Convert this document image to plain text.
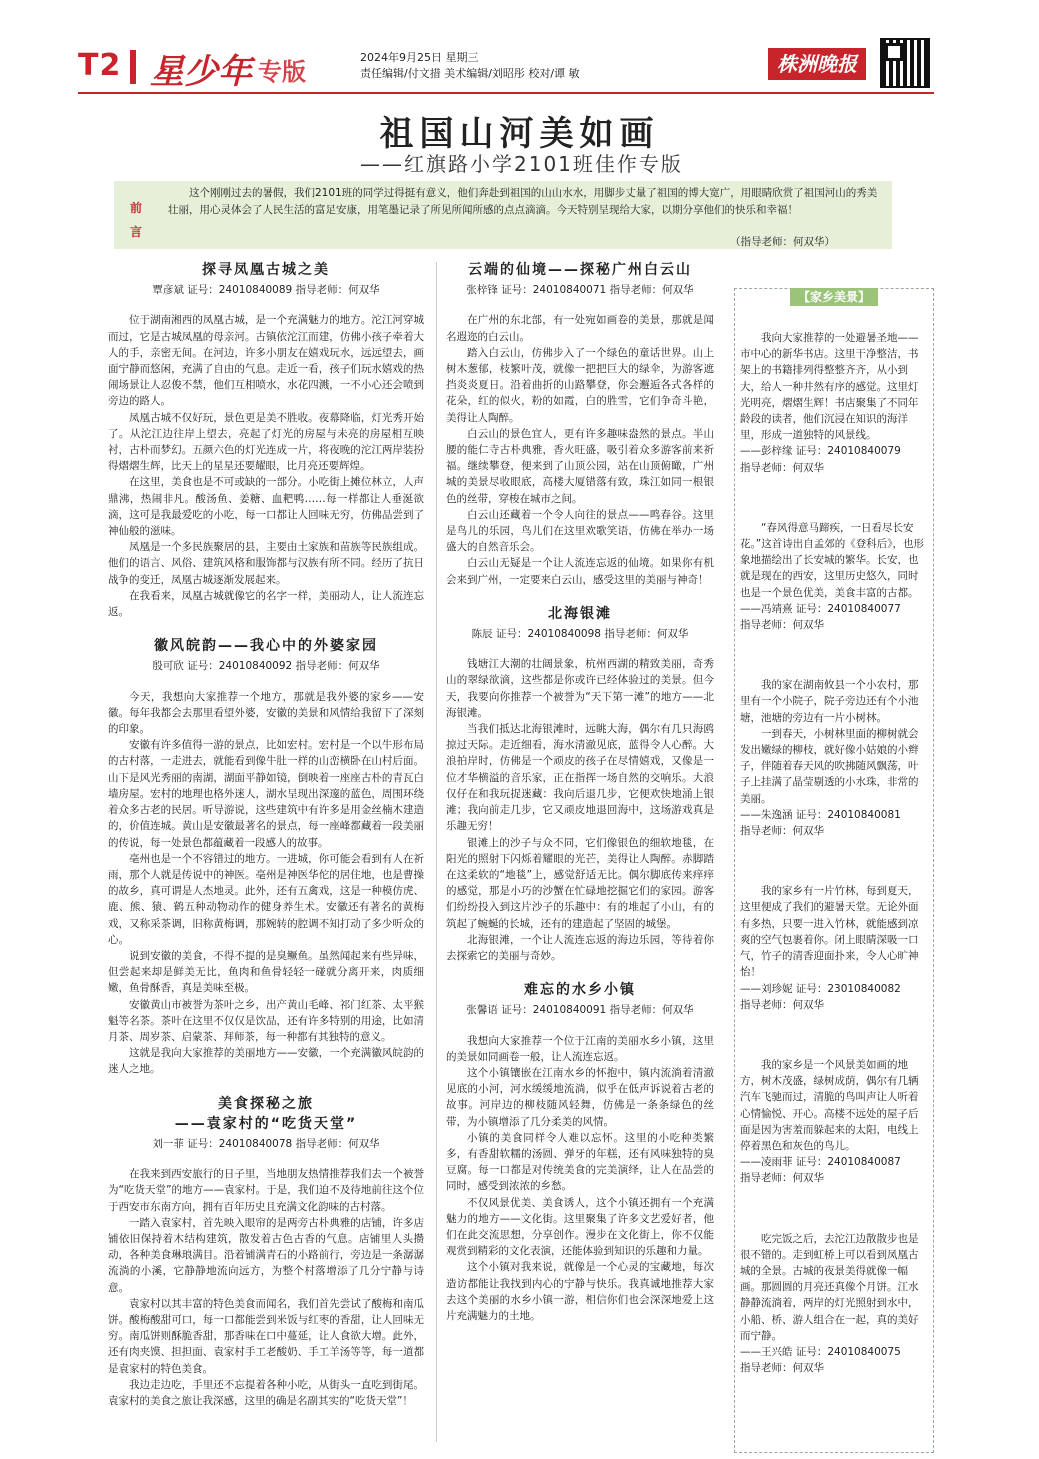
T2 星少年 专版
2024年9月25日 星期三
责任编辑/付文措 美术编辑/刘昭彤 校对/谭 敏	株洲晚报
祖国山河美如画
——红旗路小学2101班佳作专版
前
言
这个刚刚过去的暑假，我们2101班的同学过得挺有意义，他们奔赴到祖国的山山水水，用脚步丈量了祖国的博大宽广，用眼睛欣赏了祖国河山的秀美壮丽，用心灵体会了人民生活的富足安康，用笔墨记录了所见所闻所感的点点滴滴。今天特别呈现给大家，以期分享他们的快乐和幸福！
（指导老师：何双华）
探寻凤凰古城之美
覃彦斌 证号：24010840089 指导老师：何双华

位于湖南湘西的凤凰古城，是一个充满魅力的地方。沱江河穿城而过，它是古城凤凰的母亲河。古镇依沱江而建，仿佛小孩子牵着大人的手，亲密无间。在河边，许多小朋友在嬉戏玩水，远远望去，画面宁静而悠闲，充满了自由的气息。走近一看，孩子们玩水嬉戏的热闹场景让人忍俊不禁，他们互相喷水，水花四溅，一不小心还会喷到旁边的路人。

凤凰古城不仅好玩，景色更是美不胜收。夜幕降临，灯光秀开始了。从沱江边往岸上望去，亮起了灯光的房屋与未亮的房屋相互映衬，古朴而梦幻。五颜六色的灯光连成一片，将夜晚的沱江两岸装扮得熠熠生辉，比天上的星星还要耀眼，比月亮还要辉煌。

在这里，美食也是不可或缺的一部分。小吃街上摊位林立，人声鼎沸，热闹非凡。酸汤鱼、姜糖、血粑鸭……每一样都让人垂涎欲滴，这可是我最爱吃的小吃，每一口都让人回味无穷，仿佛品尝到了神仙般的滋味。

凤凰是一个多民族聚居的县，主要由土家族和苗族等民族组成。他们的语言、风俗、建筑风格和服饰都与汉族有所不同。经历了抗日战争的变迁，凤凰古城逐渐发展起来。

在我看来，凤凰古城就像它的名字一样，美丽动人，让人流连忘返。

徽风皖韵——我心中的外婆家园
殷可欣 证号：24010840092 指导老师：何双华

今天，我想向大家推荐一个地方，那就是我外婆的家乡——安徽。每年我都会去那里看望外婆，安徽的美景和风情给我留下了深刻的印象。

安徽有许多值得一游的景点，比如宏村。宏村是一个以牛形布局的古村落，一走进去，就能看到像牛肚一样的山峦横卧在山村后面。山下是风光秀丽的南湖，湖面平静如镜，倒映着一座座古朴的青瓦白墙房屋。宏村的地理也格外迷人，湖水呈现出深邃的蓝色，周围环绕着众多古老的民居。听导游说，这些建筑中有许多是用金丝楠木建造的，价值连城。黄山是安徽最著名的景点，每一座峰都藏着一段美丽的传说，每一处景色都蕴藏着一段感人的故事。

亳州也是一个不容错过的地方。一进城，你可能会看到有人在祈雨，那个人就是传说中的神医。亳州是神医华佗的居住地，也是曹操的故乡，真可谓是人杰地灵。此外，还有五禽戏，这是一种模仿虎、鹿、熊、猿、鹤五种动物动作的健身养生术。安徽还有著名的黄梅戏，又称采茶调，旧称黄梅调，那婉转的腔调不知打动了多少听众的心。

说到安徽的美食，不得不提的是臭鳜鱼。虽然闻起来有些异味，但尝起来却是鲜美无比，鱼肉和鱼骨轻轻一碰就分离开来，肉质细嫩，鱼骨酥香，真是美味至极。

安徽黄山市被誉为茶叶之乡，出产黄山毛峰、祁门红茶、太平猴魁等名茶。茶叶在这里不仅仅是饮品，还有许多特别的用途，比如清月茶、周岁茶、启蒙茶、拜师茶，每一种都有其独特的意义。

这就是我向大家推荐的美丽地方——安徽，一个充满徽风皖韵的迷人之地。

美食探秘之旅
——袁家村的“吃货天堂”
刘一菲 证号：24010840078 指导老师：何双华

在我来到西安旅行的日子里，当地朋友热情推荐我们去一个被誉为“吃货天堂”的地方——袁家村。于是，我们迫不及待地前往这个位于西安市东南方向，拥有百年历史且充满文化韵味的古村落。

一踏入袁家村，首先映入眼帘的是两旁古朴典雅的店铺，许多店铺依旧保持着木结构建筑，散发着古色古香的气息。店铺里人头攒动，各种美食琳琅满目。沿着铺满青石的小路前行，旁边是一条潺潺流淌的小溪，它静静地流向远方，为整个村落增添了几分宁静与诗意。

袁家村以其丰富的特色美食而闻名，我们首先尝试了酸梅和南瓜饼。酸梅酸甜可口，每一口都能尝到米饭与红枣的香甜，让人回味无穷。南瓜饼则酥脆香甜，那香味在口中蔓延，让人食欲大增。此外，还有肉夹馍、担担面、袁家村手工老酸奶、手工羊汤等等，每一道都是袁家村的特色美食。

我边走边吃，手里还不忘提着各种小吃，从街头一直吃到街尾。袁家村的美食之旅让我深感，这里的确是名副其实的“吃货天堂”！

云端的仙境——探秘广州白云山
张梓锋 证号：24010840071 指导老师：何双华

在广州的东北部，有一处宛如画卷的美景，那就是闻名遐迩的白云山。

踏入白云山，仿佛步入了一个绿色的童话世界。山上树木葱郁，枝繁叶茂，就像一把把巨大的绿伞，为游客遮挡炎炎夏日。沿着曲折的山路攀登，你会邂逅各式各样的花朵，红的似火，粉的如霞，白的胜雪，它们争奇斗艳，美得让人陶醉。

白云山的景色宜人，更有许多趣味盎然的景点。半山腰的能仁寺古朴典雅，香火旺盛，吸引着众多游客前来祈福。继续攀登，便来到了山顶公园，站在山顶俯瞰，广州城的美景尽收眼底，高楼大厦错落有致，珠江如同一根银色的丝带，穿梭在城市之间。

白云山还藏着一个令人向往的景点——鸣春谷。这里是鸟儿的乐园，鸟儿们在这里欢歌笑语，仿佛在举办一场盛大的自然音乐会。

白云山无疑是一个让人流连忘返的仙境。如果你有机会来到广州，一定要来白云山，感受这里的美丽与神奇！

北海银滩
陈辰 证号：24010840098 指导老师：何双华

钱塘江大潮的壮阔景象，杭州西湖的精致美丽，奇秀山的翠绿欲滴，这些都是你或许已经体验过的美景。但今天，我要向你推荐一个被誉为“天下第一滩”的地方——北海银滩。

当我们抵达北海银滩时，远眺大海，偶尔有几只海鸥掠过天际。走近细看，海水清澈见底，蓝得令人心醉。大浪拍岸时，仿佛是一个顽皮的孩子在尽情嬉戏，又像是一位才华横溢的音乐家，正在指挥一场自然的交响乐。大浪仅仔在和我玩捉迷藏：我向后退几步，它便欢快地涌上银滩；我向前走几步，它又顽皮地退回海中，这场游戏真是乐趣无穷！

银滩上的沙子与众不同，它们像银色的细软地毯，在阳光的照射下闪烁着耀眼的光芒，美得让人陶醉。赤脚踏在这柔软的“地毯”上，感觉舒适无比。偶尔脚底传来痒痒的感觉，那是小巧的沙蟹在忙碌地挖掘它们的家园。游客们纷纷投入到这片沙子的乐趣中：有的堆起了小山，有的筑起了蜿蜒的长城，还有的建造起了坚固的城堡。

北海银滩，一个让人流连忘返的海边乐园，等待着你去探索它的美丽与奇妙。

难忘的水乡小镇
张馨语 证号：24010840091 指导老师：何双华

我想向大家推荐一个位于江南的美丽水乡小镇，这里的美景如同画卷一般，让人流连忘返。

这个小镇镶嵌在江南水乡的怀抱中，镇内流淌着清澈见底的小河，河水缓缓地流淌，似乎在低声诉说着古老的故事。河岸边的柳枝随风轻舞，仿佛是一条条绿色的丝带，为小镇增添了几分柔美的风情。

小镇的美食同样令人难以忘怀。这里的小吃种类繁多，有香甜软糯的汤圆、弹牙的年糕，还有风味独特的臭豆腐。每一口都是对传统美食的完美演绎，让人在品尝的同时，感受到浓浓的乡愁。

不仅风景优美、美食诱人，这个小镇还拥有一个充满魅力的地方——文化街。这里聚集了许多文艺爱好者，他们在此交流思想，分享创作。漫步在文化街上，你不仅能观赏到精彩的文化表演，还能体验到知识的乐趣和力量。

这个小镇对我来说，就像是一个心灵的宝藏地，每次造访都能让我找到内心的宁静与快乐。我真诚地推荐大家去这个美丽的水乡小镇一游，相信你们也会深深地爱上这片充满魅力的土地。

【家乡美景】

我向大家推荐的一处避暑圣地——市中心的新华书店。这里干净整洁，书架上的书籍排列得整整齐齐，从小到大，给人一种井然有序的感觉。这里灯光明亮，熠熠生辉！书店聚集了不同年龄段的读者，他们沉浸在知识的海洋里，形成一道独特的风景线。

——彭梓缘 证号：24010840079

指导老师：何双华

“春风得意马蹄疾，一日看尽长安花。”这首诗出自孟郊的《登科后》，也形象地描绘出了长安城的繁华。长安，也就是现在的西安，这里历史悠久，同时也是一个景色优美，美食丰富的古都。

——冯靖熹 证号：24010840077

指导老师：何双华

我的家在湖南攸县一个小农村，那里有一个小院子，院子旁边还有个小池塘，池塘的旁边有一片小树林。

一到春天，小树林里面的柳树就会发出嫩绿的柳枝，就好像小姑娘的小辫子，伴随着春天风的吹拂随风飘荡，叶子上挂满了晶莹剔透的小水珠，非常的美丽。

——朱逸涵 证号：24010840081

指导老师：何双华

我的家乡有一片竹林，每到夏天，这里便成了我们的避暑天堂。无论外面有多热，只要一进入竹林，就能感到凉爽的空气包裹着你。闭上眼睛深吸一口气，竹子的清香迎面扑来，令人心旷神怡！

——刘珍妮 证号：23010840082

指导老师：何双华

我的家乡是一个风景美如画的地方，树木茂盛，绿树成荫，偶尔有几辆汽车飞驰而过，清脆的鸟叫声让人听着心情愉悦、开心。高楼不远处的屋子后面是因为害羞而躲起来的太阳，电线上停着黑色和灰色的鸟儿。

——凌雨菲 证号：24010840087

指导老师：何双华

吃完饭之后，去沱江边散散步也是很不错的。走到虹桥上可以看到凤凰古城的全景。古城的夜景美得就像一幅画。那圆圆的月亮还真像个月饼。江水静静流淌着，两岸的灯光照射到水中，小船、桥、游人组合在一起，真的美好而宁静。

——王兴皓 证号：24010840075

指导老师：何双华
